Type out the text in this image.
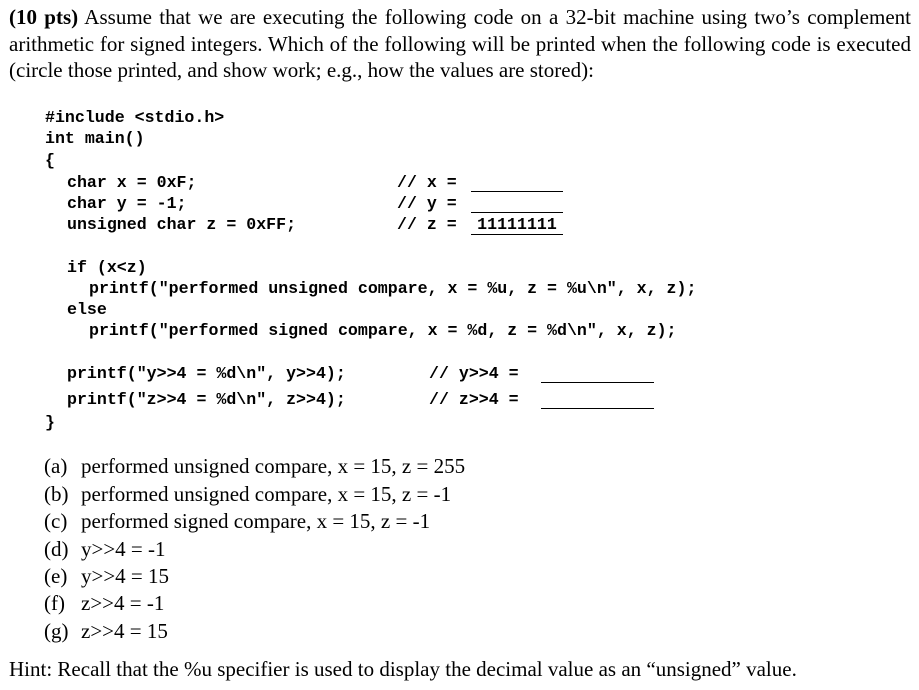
(10 pts) Assume that we are executing the following code on a 32-bit machine using two’s complement arithmetic for signed integers. Which of the following will be printed when the following code is executed (circle those printed, and show work; e.g., how the values are stored):

#include <stdio.h>
int main()
{
char x = 0xF;
char y = -1;
unsigned char z = 0xFF;
// x =
// y =
// z =	11111111
if (x<z)
printf("performed unsigned compare, x = %u, z = %u\n", x, z);
else
printf("performed signed compare, x = %d, z = %d\n", x, z);
printf("y>>4 = %d\n", y>>4);	// y>>4 =
printf("z>>4 = %d\n", z>>4);	// z>>4 =
}
(a) performed unsigned compare, x = 15, z = 255
(b) performed unsigned compare, x = 15, z = -1
(c) performed signed compare, x = 15, z = -1
(d) y>>4 = -1
(e) y>>4 = 15
(f) z>>4 = -1
(g) z>>4 = 15
Hint: Recall that the %u specifier is used to display the decimal value as an “unsigned” value.
